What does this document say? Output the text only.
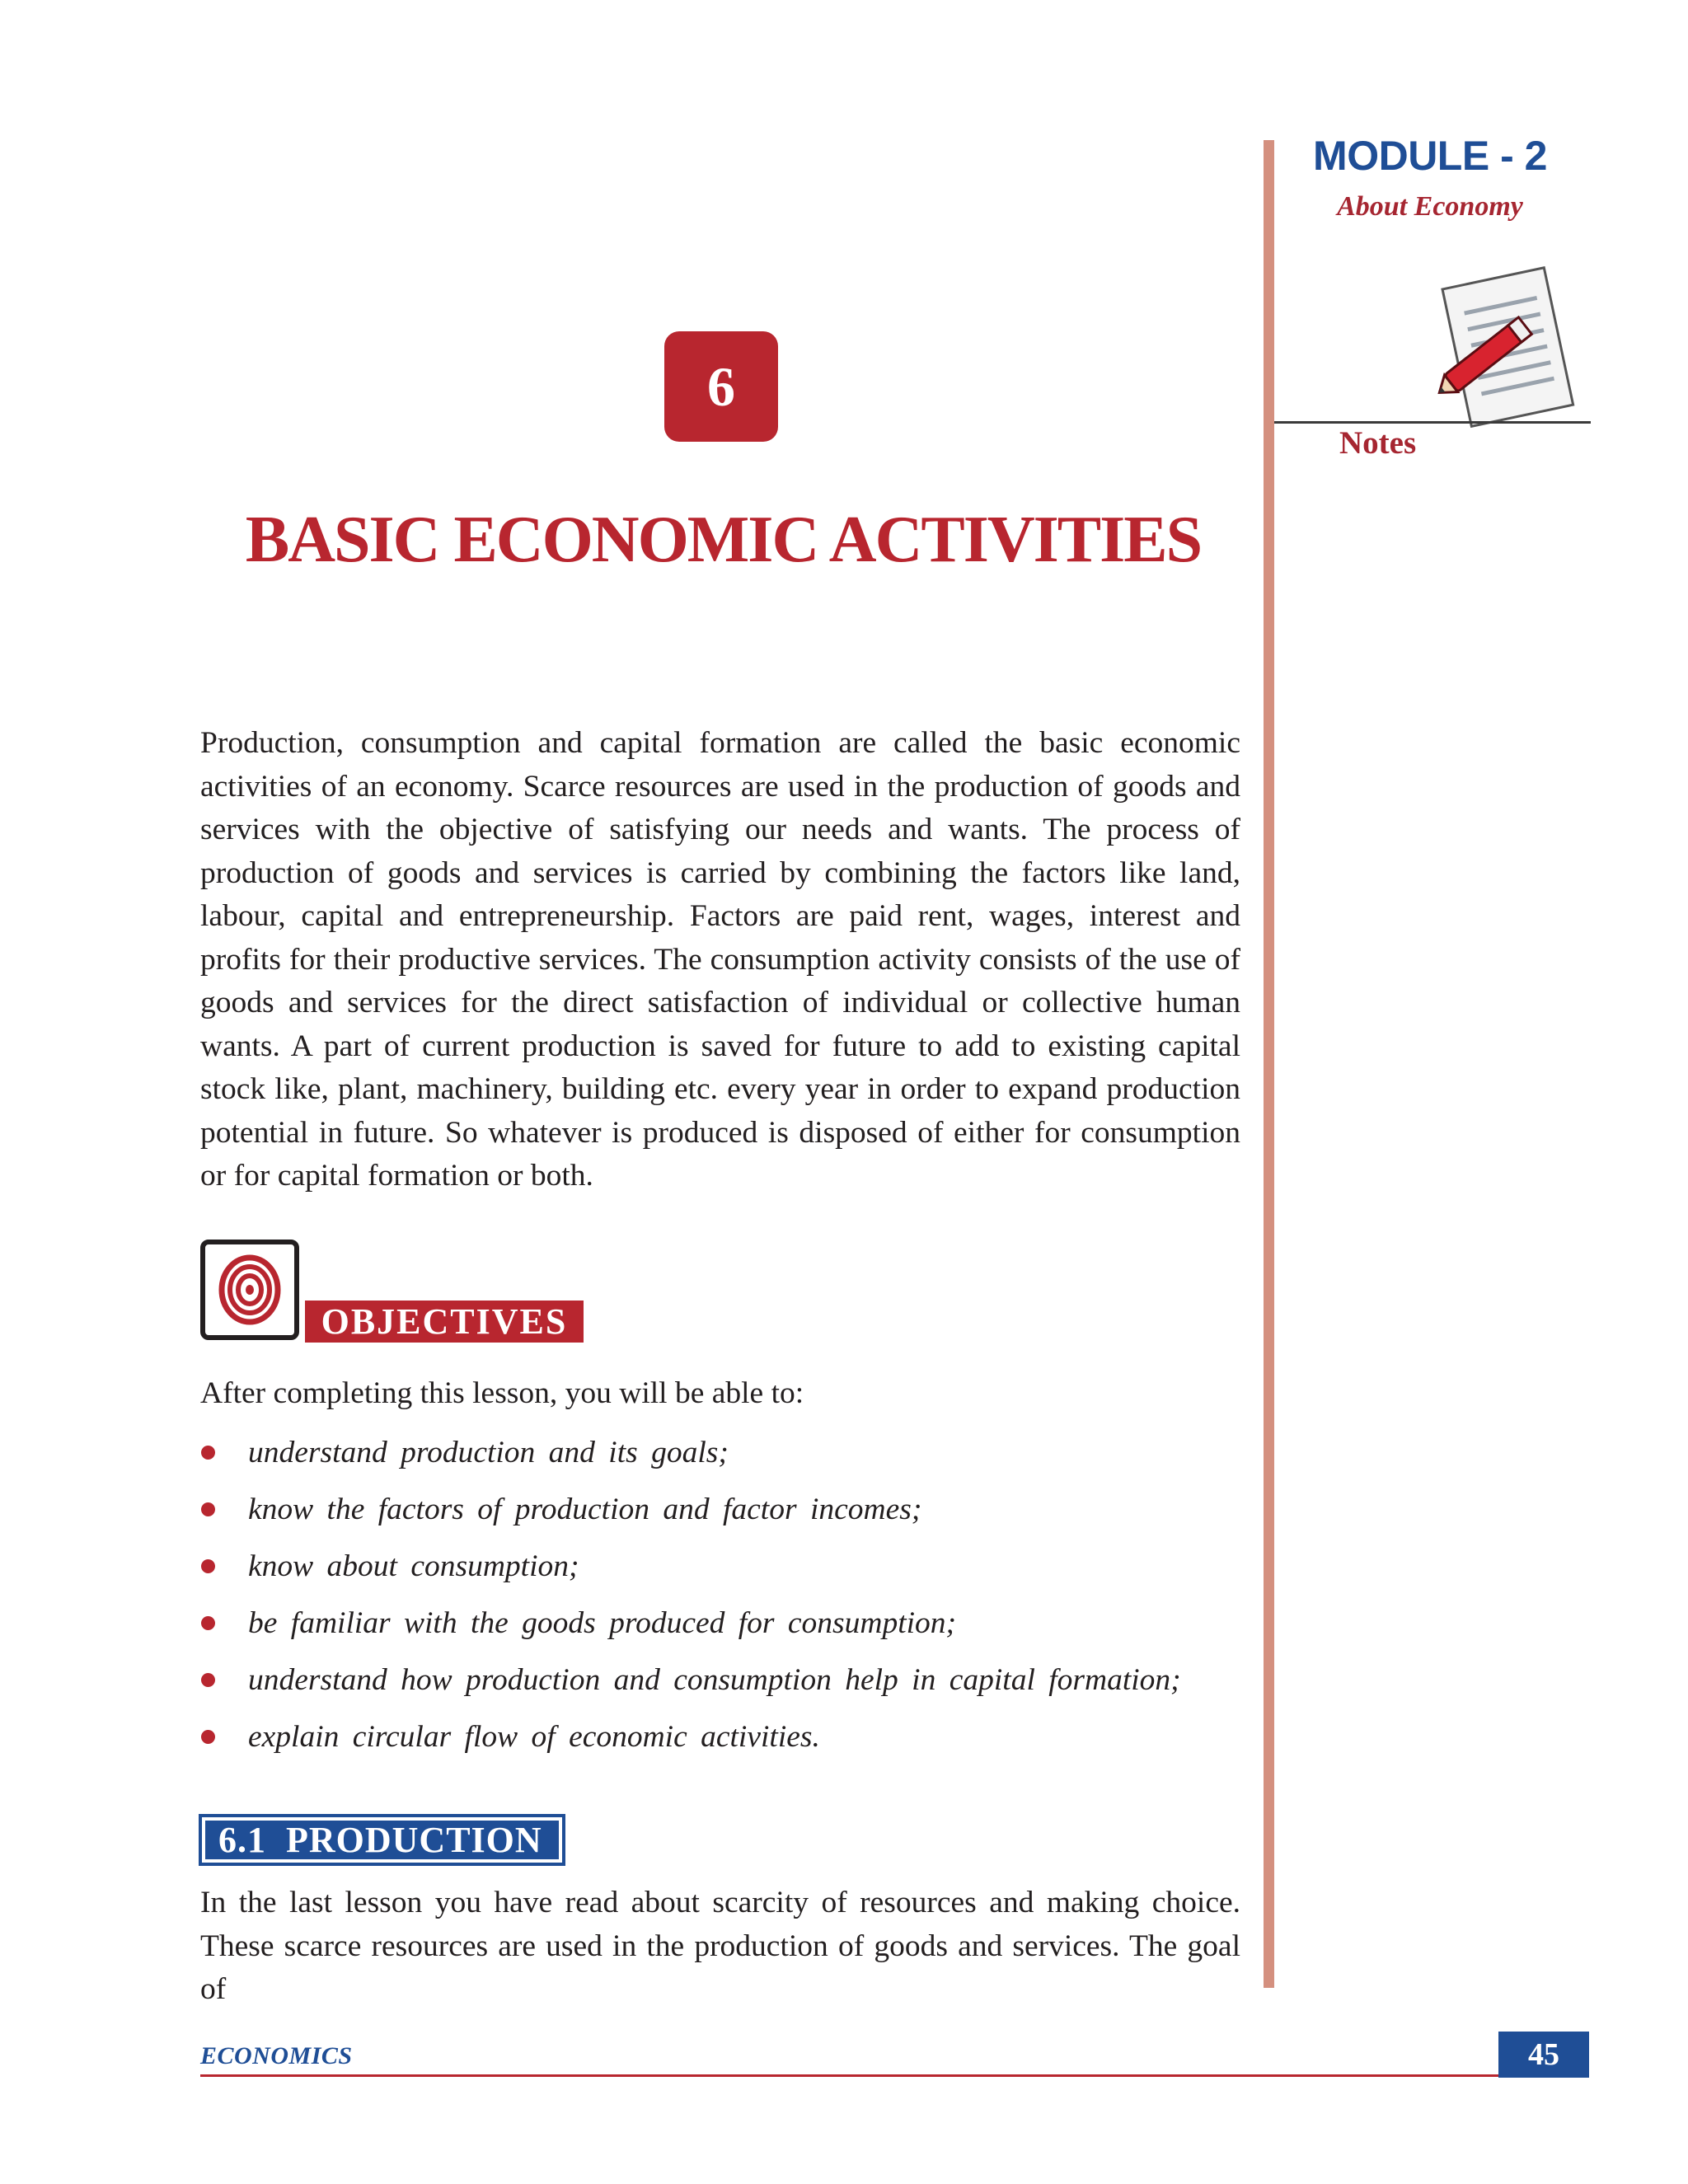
MODULE - 2
About Economy
Notes
6
BASIC ECONOMIC ACTIVITIES
Production, consumption and capital formation are called the basic economic activities of an economy. Scarce resources are used in the production of goods and services with the objective of satisfying our needs and wants. The process of production of goods and services is carried by combining the factors like land, labour, capital and entrepreneurship. Factors are paid rent, wages, interest and profits for their productive services. The consumption activity consists of the use of goods and services for the direct satisfaction of individual or collective human wants. A part of current production is saved for future to add to existing capital stock like, plant, machinery, building etc. every year in order to expand production potential in future. So whatever is produced is disposed of either for consumption or for capital formation or both.
OBJECTIVES
After completing this lesson, you will be able to:
understand production and its goals;
know the factors of production and factor incomes;
know about consumption;
be familiar with the goods produced for consumption;
understand how production and consumption help in capital formation;
explain circular flow of economic activities.
6.1  PRODUCTION
In the last lesson you have read about scarcity of resources and making choice. These scarce resources are used in the production of goods and services. The goal of
ECONOMICS	45
